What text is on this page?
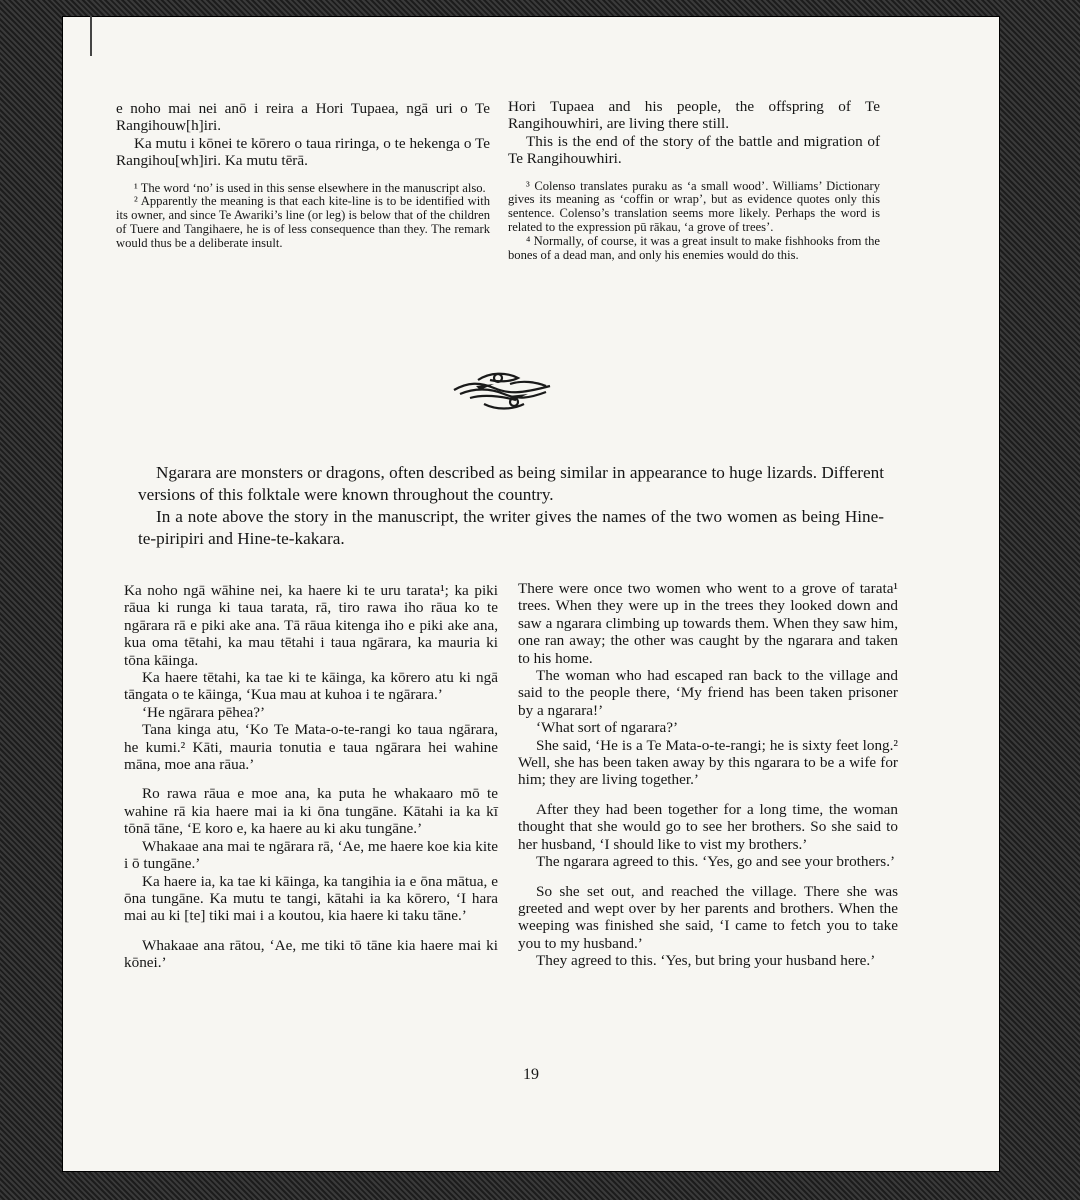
e noho mai nei anō i reira a Hori Tupaea, ngā uri o Te Rangihouw[h]iri.

Ka mutu i kōnei te kōrero o taua riringa, o te hekenga o Te Rangihou[wh]iri. Ka mutu tērā.

¹ The word ‘no’ is used in this sense elsewhere in the manuscript also.

² Apparently the meaning is that each kite-line is to be identified with its owner, and since Te Awariki’s line (or leg) is below that of the children of Tuere and Tangihaere, he is of less consequence than they. The remark would thus be a deliberate insult.

Hori Tupaea and his people, the offspring of Te Rangihouwhiri, are living there still.

This is the end of the story of the battle and migration of Te Rangihouwhiri.

³ Colenso translates puraku as ‘a small wood’. Williams’ Dictionary gives its meaning as ‘coffin or wrap’, but as evidence quotes only this sentence. Colenso’s translation seems more likely. Perhaps the word is related to the expression pū rākau, ‘a grove of trees’.

⁴ Normally, of course, it was a great insult to make fishhooks from the bones of a dead man, and only his enemies would do this.

Ngarara are monsters or dragons, often described as being similar in appearance to huge lizards. Different versions of this folktale were known throughout the country.

In a note above the story in the manuscript, the writer gives the names of the two women as being Hine-te-piripiri and Hine-te-kakara.

Ka noho ngā wāhine nei, ka haere ki te uru tarata¹; ka piki rāua ki runga ki taua tarata, rā, tiro rawa iho rāua ko te ngārara rā e piki ake ana. Tā rāua kitenga iho e piki ake ana, kua oma tētahi, ka mau tētahi i taua ngārara, ka mauria ki tōna kāinga.

Ka haere tētahi, ka tae ki te kāinga, ka kōrero atu ki ngā tāngata o te kāinga, ‘Kua mau at kuhoa i te ngārara.’

‘He ngārara pēhea?’

Tana kinga atu, ‘Ko Te Mata-o-te-rangi ko taua ngārara, he kumi.² Kāti, mauria tonutia e taua ngārara hei wahine māna, moe ana rāua.’

Ro rawa rāua e moe ana, ka puta he whakaaro mō te wahine rā kia haere mai ia ki ōna tungāne. Kātahi ia ka kī tōnā tāne, ‘E koro e, ka haere au ki aku tungāne.’

Whakaae ana mai te ngārara rā, ‘Ae, me haere koe kia kite i ō tungāne.’

Ka haere ia, ka tae ki kāinga, ka tangihia ia e ōna mātua, e ōna tungāne. Ka mutu te tangi, kātahi ia ka kōrero, ‘I hara mai au ki [te] tiki mai i a koutou, kia haere ki taku tāne.’

Whakaae ana rātou, ‘Ae, me tiki tō tāne kia haere mai ki kōnei.’

There were once two women who went to a grove of tarata¹ trees. When they were up in the trees they looked down and saw a ngarara climbing up towards them. When they saw him, one ran away; the other was caught by the ngarara and taken to his home.

The woman who had escaped ran back to the village and said to the people there, ‘My friend has been taken prisoner by a ngarara!’

‘What sort of ngarara?’

She said, ‘He is a Te Mata-o-te-rangi; he is sixty feet long.² Well, she has been taken away by this ngarara to be a wife for him; they are living together.’

After they had been together for a long time, the woman thought that she would go to see her brothers. So she said to her husband, ‘I should like to vist my brothers.’

The ngarara agreed to this. ‘Yes, go and see your brothers.’

So she set out, and reached the village. There she was greeted and wept over by her parents and brothers. When the weeping was finished she said, ‘I came to fetch you to take you to my husband.’

They agreed to this. ‘Yes, but bring your husband here.’

19
